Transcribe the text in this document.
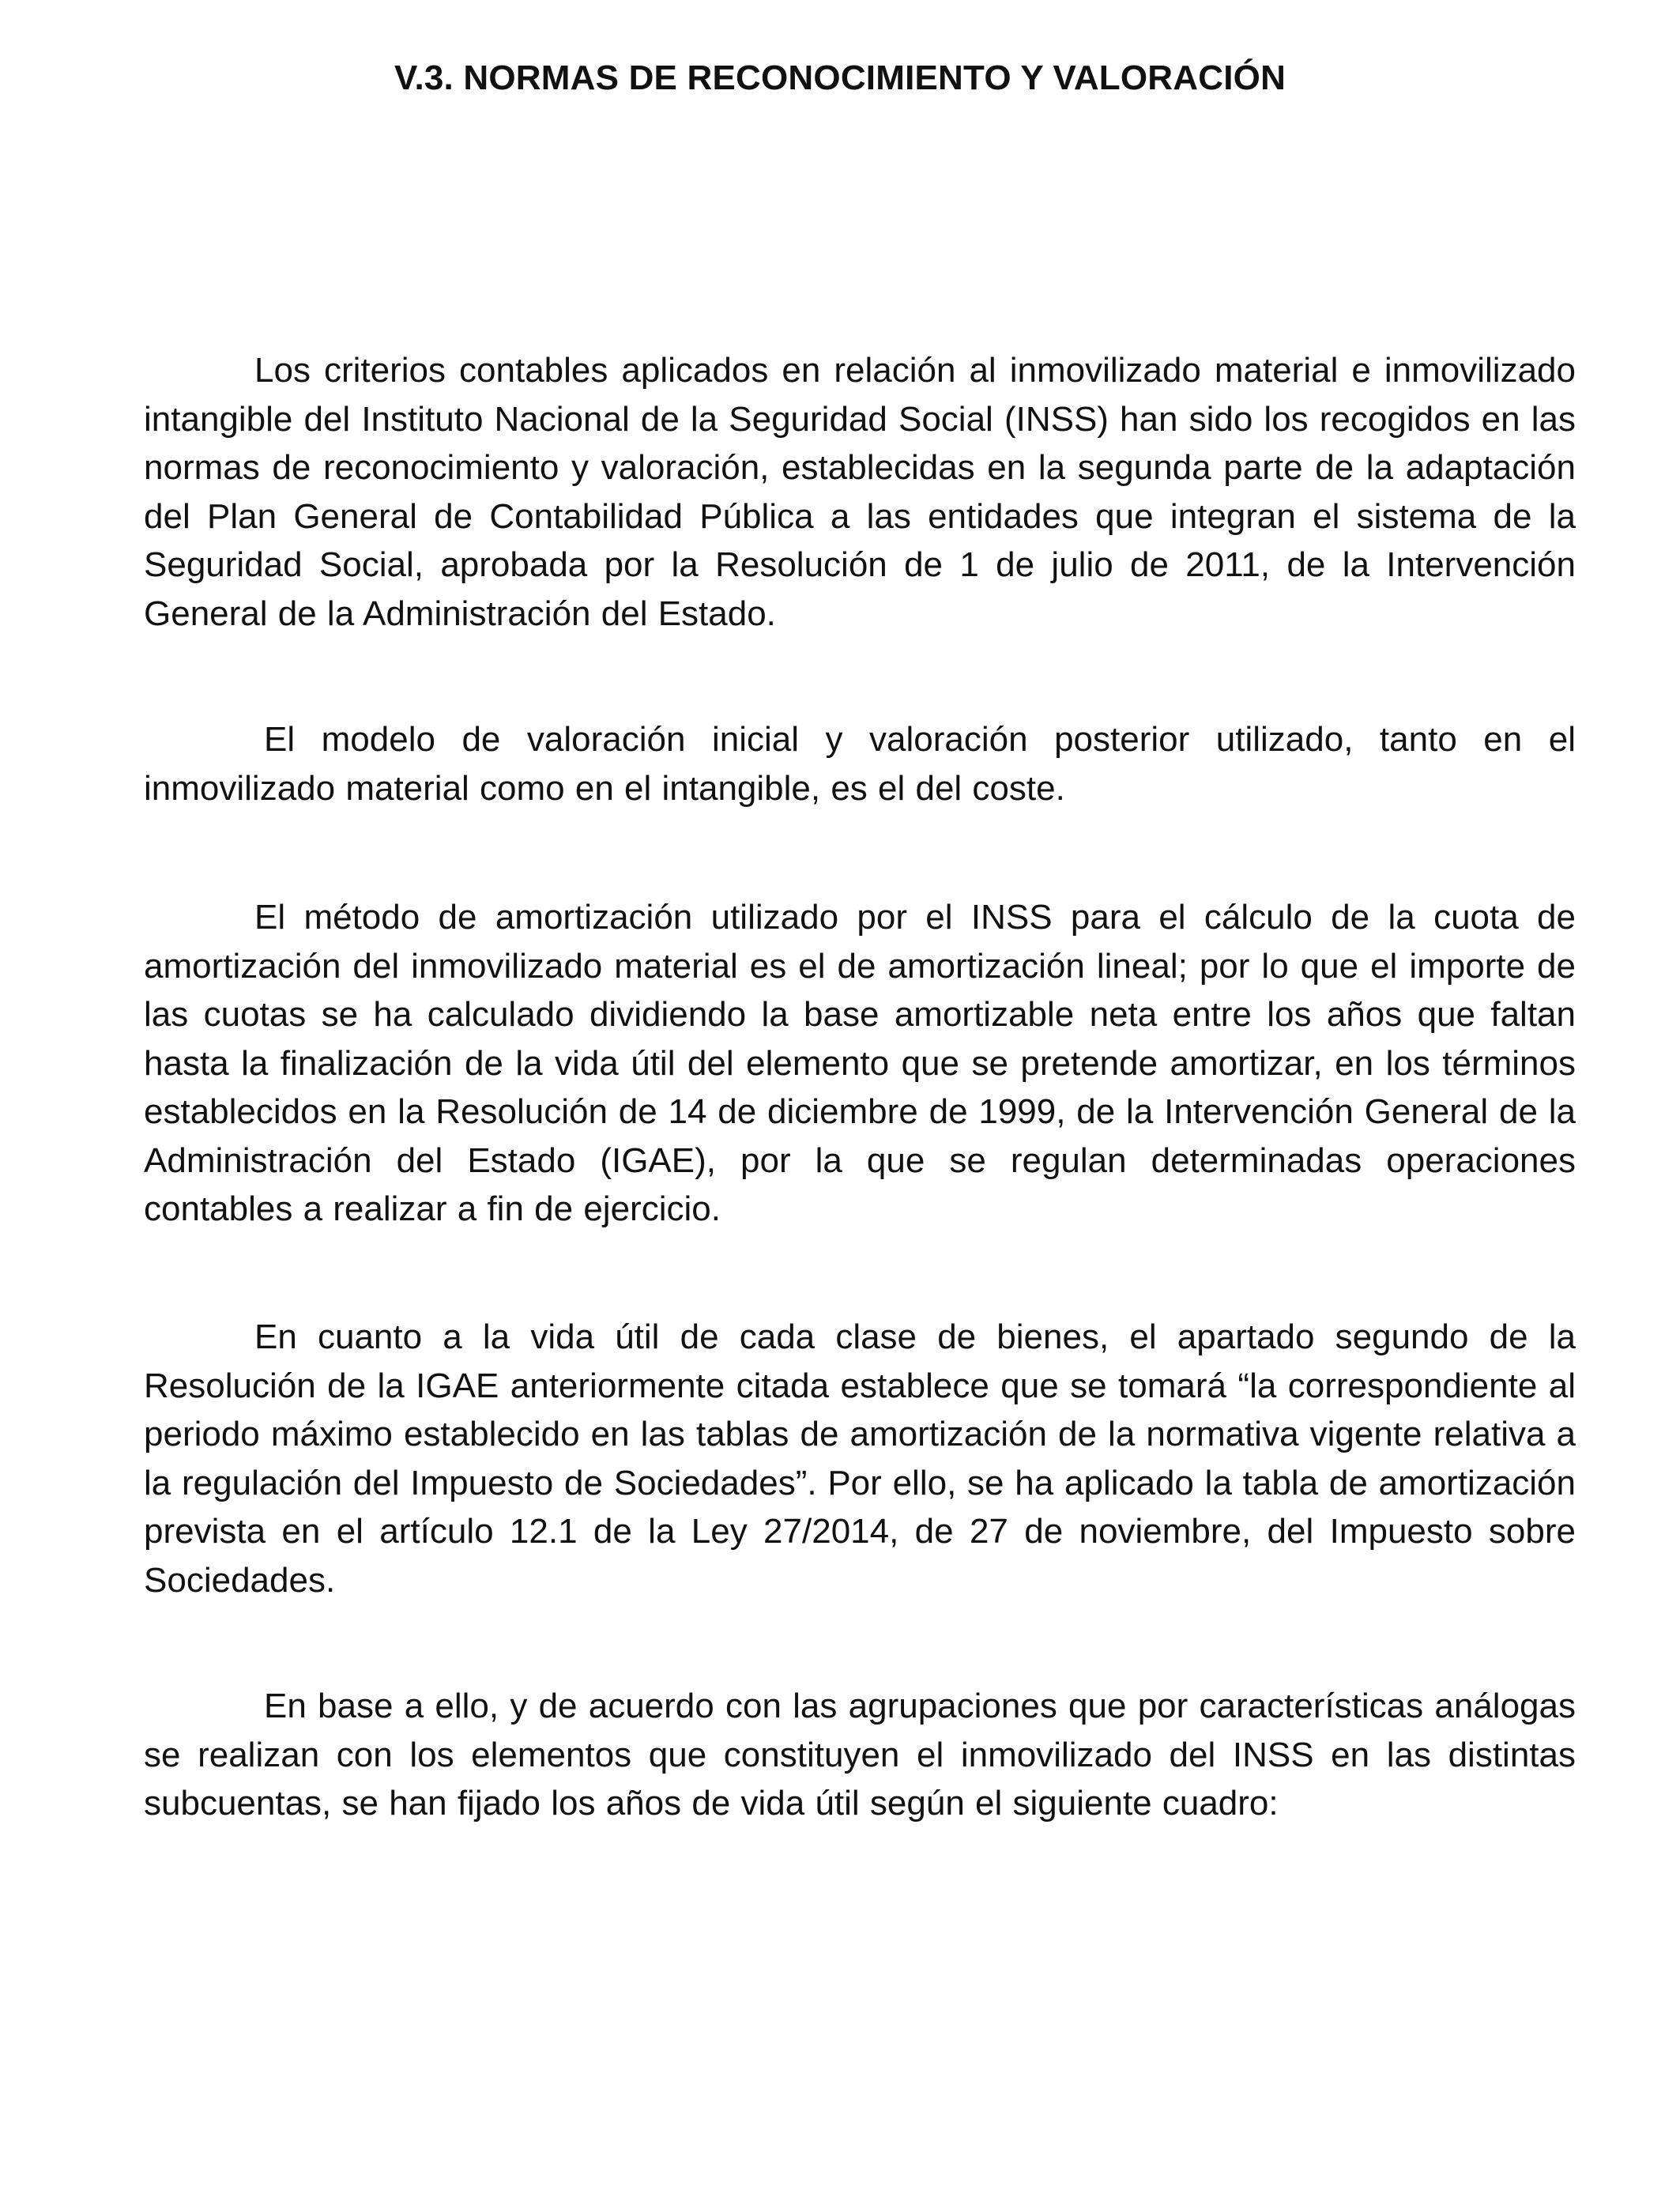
V.3. NORMAS DE RECONOCIMIENTO Y VALORACIÓN

Los criterios contables aplicados en relación al inmovilizado material e inmovilizado intangible del Instituto Nacional de la Seguridad Social (INSS) han sido los recogidos en las normas de reconocimiento y valoración, establecidas en la segunda parte de la adaptación del Plan General de Contabilidad Pública a las entidades que integran el sistema de la Seguridad Social, aprobada por la Resolución de 1 de julio de 2011, de la Intervención General de la Administración del Estado.

El modelo de valoración inicial y valoración posterior utilizado, tanto en el inmovilizado material como en el intangible, es el del coste.

El método de amortización utilizado por el INSS para el cálculo de la cuota de amortización del inmovilizado material es el de amortización lineal; por lo que el importe de las cuotas se ha calculado dividiendo la base amortizable neta entre los años que faltan hasta la finalización de la vida útil del elemento que se pretende amortizar, en los términos establecidos en la Resolución de 14 de diciembre de 1999, de la Intervención General de la Administración del Estado (IGAE), por la que se regulan determinadas operaciones contables a realizar a fin de ejercicio.

En cuanto a la vida útil de cada clase de bienes, el apartado segundo de la Resolución de la IGAE anteriormente citada establece que se tomará “la correspondiente al periodo máximo establecido en las tablas de amortización de la normativa vigente relativa a la regulación del Impuesto de Sociedades”. Por ello, se ha aplicado la tabla de amortización prevista en el artículo 12.1 de la Ley 27/2014, de 27 de noviembre, del Impuesto sobre Sociedades.

En base a ello, y de acuerdo con las agrupaciones que por características análogas se realizan con los elementos que constituyen el inmovilizado del INSS en las distintas subcuentas, se han fijado los años de vida útil según el siguiente cuadro:
